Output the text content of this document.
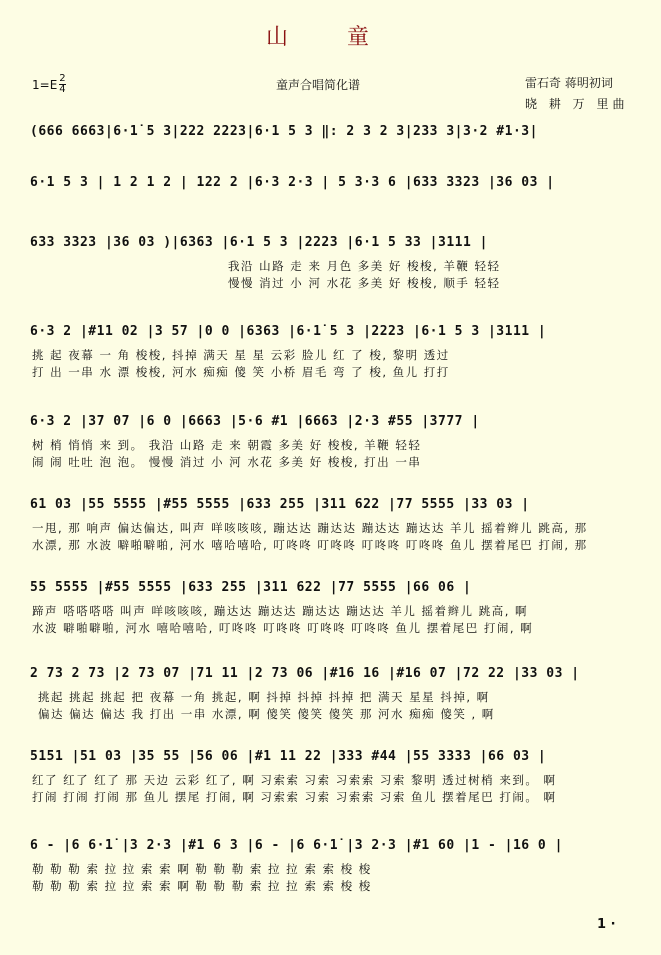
山 童
$1=E \frac{2}{4}$	童声合唱简化谱	雷石奇 蒋明初词
晓 耕 万 里曲
(666 6663|6·1̇ 5 3|222 2223|6·1 5 3 ‖: 2 3 2 3|233 3|3·2 #1·3|
6·1 5 3 | 1 2 1 2 | 122 2 |6·3 2·3 | 5 3·3 6 |633 3323 |36 03 |
633 3323 |36 03 )|6363 |6·1 5 3 |2223 |6·1 5 33 |3111 |
我沿 山路 走 来 月色 多美 好 梭梭, 羊鞭 轻轻
慢慢 消过 小 河 水花 多美 好 梭梭, 顺手 轻轻
6·3 2 |#11 02 |3 57 |0 0 |6363 |6·1̇ 5 3 |2223 |6·1 5 3 |3111 |
挑 起 夜幕 一 角 梭梭, 抖掉 满天 星 星 云彩 脸儿 红 了 梭, 黎明 透过
打 出 一串 水 漂 梭梭, 河水 痴痴 傻 笑 小桥 眉毛 弯 了 梭, 鱼儿 打打
6·3 2 |37 07 |6 0 |6663 |5·6 #1 |6663 |2·3 #55 |3777 |
树 梢 悄悄 来 到。 我沿 山路 走 来 朝霞 多美 好 梭梭, 羊鞭 轻轻
闹 闹 吐吐 泡 泡。 慢慢 消过 小 河 水花 多美 好 梭梭, 打出 一串
61 03 |55 5555 |#55 5555 |633 255 |311 622 |77 5555 |33 03 |
一甩, 那 响声 偏达偏达, 叫声 咩咳咳咳, 蹦达达 蹦达达 蹦达达 蹦达达 羊儿 摇着辫儿 跳高, 那
水漂, 那 水波 噼啪噼啪, 河水 嘻哈嘻哈, 叮咚咚 叮咚咚 叮咚咚 叮咚咚 鱼儿 摆着尾巴 打闹, 那
55 5555 |#55 5555 |633 255 |311 622 |77 5555 |66 06 |
蹄声 嗒嗒嗒嗒 叫声 咩咳咳咳, 蹦达达 蹦达达 蹦达达 蹦达达 羊儿 摇着辫儿 跳高, 啊
水波 噼啪噼啪, 河水 嘻哈嘻哈, 叮咚咚 叮咚咚 叮咚咚 叮咚咚 鱼儿 摆着尾巴 打闹, 啊
2 73 2 73 |2 73 07 |71 11 |2 73 06 |#16 16 |#16 07 |72 22 |33 03 |
挑起 挑起 挑起 把 夜幕 一角 挑起, 啊 抖掉 抖掉 抖掉 把 满天 星星 抖掉, 啊
偏达 偏达 偏达 我 打出 一串 水漂, 啊 傻笑 傻笑 傻笑 那 河水 痴痴 傻笑 , 啊
5151 |51 03 |35 55 |56 06 |#1 11 22 |333 #44 |55 3333 |66 03 |
红了 红了 红了 那 天边 云彩 红了, 啊 习索索 习索 习索索 习索 黎明 透过树梢 来到。 啊
打闹 打闹 打闹 那 鱼儿 摆尾 打闹, 啊 习索索 习索 习索索 习索 鱼儿 摆着尾巴 打闹。 啊
6 - |6 6·1̇ |3 2·3 |#1 6 3 |6 - |6 6·1̇ |3 2·3 |#1 60 |1 - |16 0 |
勒 勒 勒 索 拉 拉 索 索 啊 勒 勒 勒 索 拉 拉 索 索 梭 梭
勒 勒 勒 索 拉 拉 索 索 啊 勒 勒 勒 索 拉 拉 索 索 梭 梭
1 ·
